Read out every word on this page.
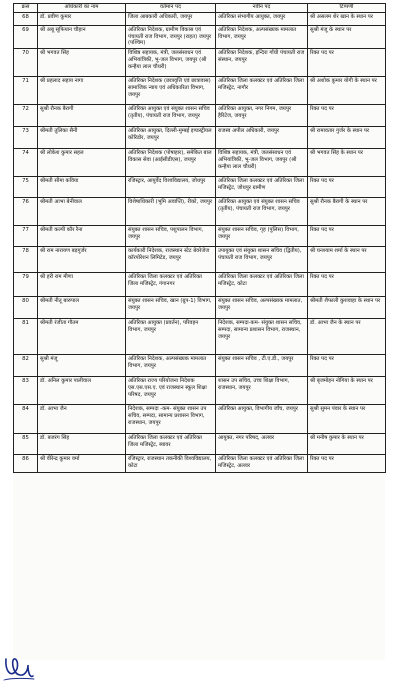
क्रसं	अधिकारी का नाम	वर्तमान पद	नवीन पद	टिप्पणी
68	डॉ. प्रवीण कुमार	जिला आबकारी अधिकारी, जयपुर	अतिरिक्त संभागीय आयुक्त, जयपुर	श्री असलम शेर खान के स्थान पर
69	श्री अबू सूफियान चौहान	अतिरिक्त निदेशक, ग्रामीण विकास एवं पंचायती राज विभाग, जयपुर (राहत) जयपुर (पश्चिम)	अतिरिक्त निदेशक, अल्पसंख्यक मामलात विभाग, जयपुर	सुश्री मंजू के स्थान पर
70	श्री भगवत सिंह	विशिष्ठ सहायक, मंत्री, जलसंसाधन एवं अभियांत्रिकी, भू-जल विभाग, जयपुर (श्री कन्हैया लाल चौधरी)	अतिरिक्त निदेशक, इन्दिरा गाँधी पंचायती राज संस्थान, जयपुर	रिक्त पद पर
71	श्री प्रहलाद सहाय नागा	अतिरिक्त निदेशक (छात्रवृत्ति एवं छात्रावास) सामाजिक न्याय एवं अधिकारिता विभाग, जयपुर	अतिरिक्त जिला कलक्टर एवं अतिरिक्त जिला मजिस्ट्रेट, नागौर	श्री अशोक कुमार योगी के स्थान पर
72	सुश्री रौनक बैरागी	अतिरिक्त आयुक्त एवं संयुक्त शासन सचिव (तृतीय), पंचायती राज विभाग, जयपुर	अतिरिक्त आयुक्त, नगर निगम, जयपुर हैरिटेज, जयपुर	रिक्त पद पर
73	श्रीमती तुलिका सैनी	अतिरिक्त आयुक्त, दिल्ली-मुम्बई इण्डस्ट्रीयल कोरिडोर, जयपुर	राजस्व अपील अधिकारी, जयपुर	श्री रामावतार गुर्जर के स्थान पर
74	श्री लोकेश कुमार सहल	अतिरिक्त निदेशक (पोषाहार), समेकित बाल विकास सेवा (आईसीडीएस), जयपुर	विशिष्ठ सहायक, मंत्री, जलसंसाधन एवं अभियांत्रिकी, भू-जल विभाग, जयपुर (श्री कन्हैया लाल चौधरी)	श्री भगवत सिंह के स्थान पर
75	श्रीमती सीमा कविया	रजिस्ट्रार, आयुर्वेद विश्वविद्यालय, जोधपुर	अतिरिक्त जिला कलक्टर एवं अतिरिक्त जिला मजिस्ट्रेट, जोधपुर ग्रामीण	रिक्त पद पर
76	श्रीमती आभा बेनीवाल	विशेषाधिकारी (भूमि अवाप्ति), रीको, जयपुर	अतिरिक्त आयुक्त एवं संयुक्त शासन सचिव (तृतीय), पंचायती राज विभाग, जयपुर	सुश्री रौनक बैरागी के स्थान पर
77	श्रीमती कल्पी कौर रैना	संयुक्त शासन सचिव, पशुपालन विभाग, जयपुर	संयुक्त शासन सचिव, गृह (पुलिस) विभाग, जयपुर	रिक्त पद पर
78	श्री राम नारायण बड़गुर्जर	कार्यकारी निदेशक, राजस्थान स्टेट बेवरेजेज कॉरपोरेशन लिमिटेड, जयपुर	उपायुक्त एवं संयुक्त शासन सचिव (द्वितीय), पंचायती राज विभाग, जयपुर	श्री घनश्याम शर्मा के स्थान पर
79	श्री हरी राम मीणा	अतिरिक्त जिला कलक्टर एवं अतिरिक्त जिला मजिस्ट्रेट, गंगानगर	अतिरिक्त जिला कलक्टर एवं अतिरिक्त जिला मजिस्ट्रेट, कोटा	रिक्त पद पर
80	श्रीमती नीतू बारुपाल	संयुक्त शासन सचिव, खान (ग्रुप-1) विभाग, जयपुर	संयुक्त शासन सचिव, अल्पसंख्यक मामलात, जयपुर	श्रीमती शैफाली कुशवाहा के स्थान पर
81	श्रीमती रंजीता गौतम	अतिरिक्त आयुक्त (प्रवर्तन), परिवहन विभाग, जयपुर	निदेशक, सम्पदा-कम- संयुक्त शासन सचिव, सम्पदा, सामान्य प्रशासन विभाग, राजस्थान, जयपुर	डॉ. आभा जैन के स्थान पर
82	सुश्री मंजू	अतिरिक्त निदेशक, अल्पसंख्यक मामलात विभाग, जयपुर	संयुक्त शासन सचिव , टी.ए.डी., जयपुर	रिक्त पद पर
83	डॉ. अनिल कुमार पालीवाल	अतिरिक्त राज्य परियोजना निदेशक एस.एस.एस.ए. एवं राजस्थान स्कूल शिक्षा परिषद, जयपुर	शासन उप सचिव, उच्च शिक्षा विभाग, राजस्थान, जयपुर	श्री बृजमोहन नोगिया के स्थान पर
84	डॉ. आभा जैन	निदेशक, सम्पदा -कम- संयुक्त शासन उप सचिव, सम्पदा, सामान्य प्रशासन विभाग, राजस्थान, जयपुर	अतिरिक्त आयुक्त, विभागीय जाँच, जयपुर	सुश्री सुमन पंवार के स्थान पर
85	डॉ. बजरंग सिंह	अतिरिक्त जिला कलक्टर एवं अतिरिक्त जिला मजिस्ट्रेट, ब्यावर	आयुक्त, नगर परिषद, अलवर	श्री मनीष कुमार के स्थान पर
86	श्री वीरेन्द्र कुमार वर्मा	रजिस्ट्रार, राजस्थान तकनीकी विश्वविद्यालय, कोटा	अतिरिक्त जिला कलक्टर एवं अतिरिक्त जिला मजिस्ट्रेट, अलवर	रिक्त पद पर
